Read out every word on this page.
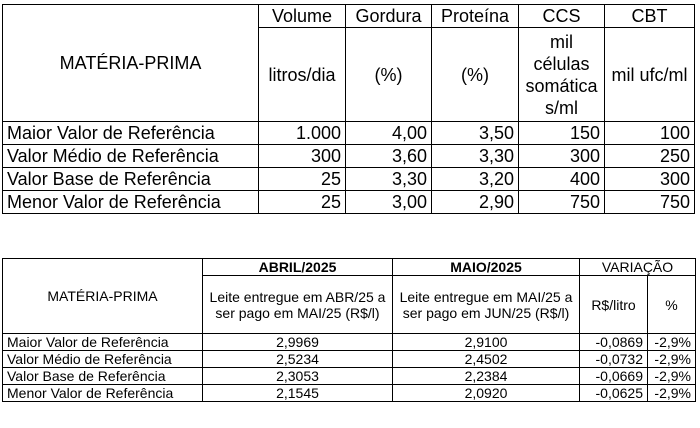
MATÉRIA-PRIMA	Volume	Gordura	Proteína	CCS	CBT
	litros/dia	(%)	(%)	mil células somática s/ml	mil ufc/ml
Maior Valor de Referência	1.000	4,00	3,50	150	100
Valor Médio de Referência	300	3,60	3,30	300	250
Valor Base de Referência	25	3,30	3,20	400	300
Menor Valor de Referência	25	3,00	2,90	750	750
MATÉRIA-PRIMA	ABRIL/2025	MAIO/2025	VARIAÇÃO	
	Leite entregue em ABR/25 a ser pago em MAI/25 (R$/l)	Leite entregue em MAI/25 a ser pago em JUN/25 (R$/l)	R$/litro	%
Maior Valor de Referência	2,9969	2,9100	-0,0869	-2,9%
Valor Médio de Referência	2,5234	2,4502	-0,0732	-2,9%
Valor Base de Referência	2,3053	2,2384	-0,0669	-2,9%
Menor Valor de Referência	2,1545	2,0920	-0,0625	-2,9%
